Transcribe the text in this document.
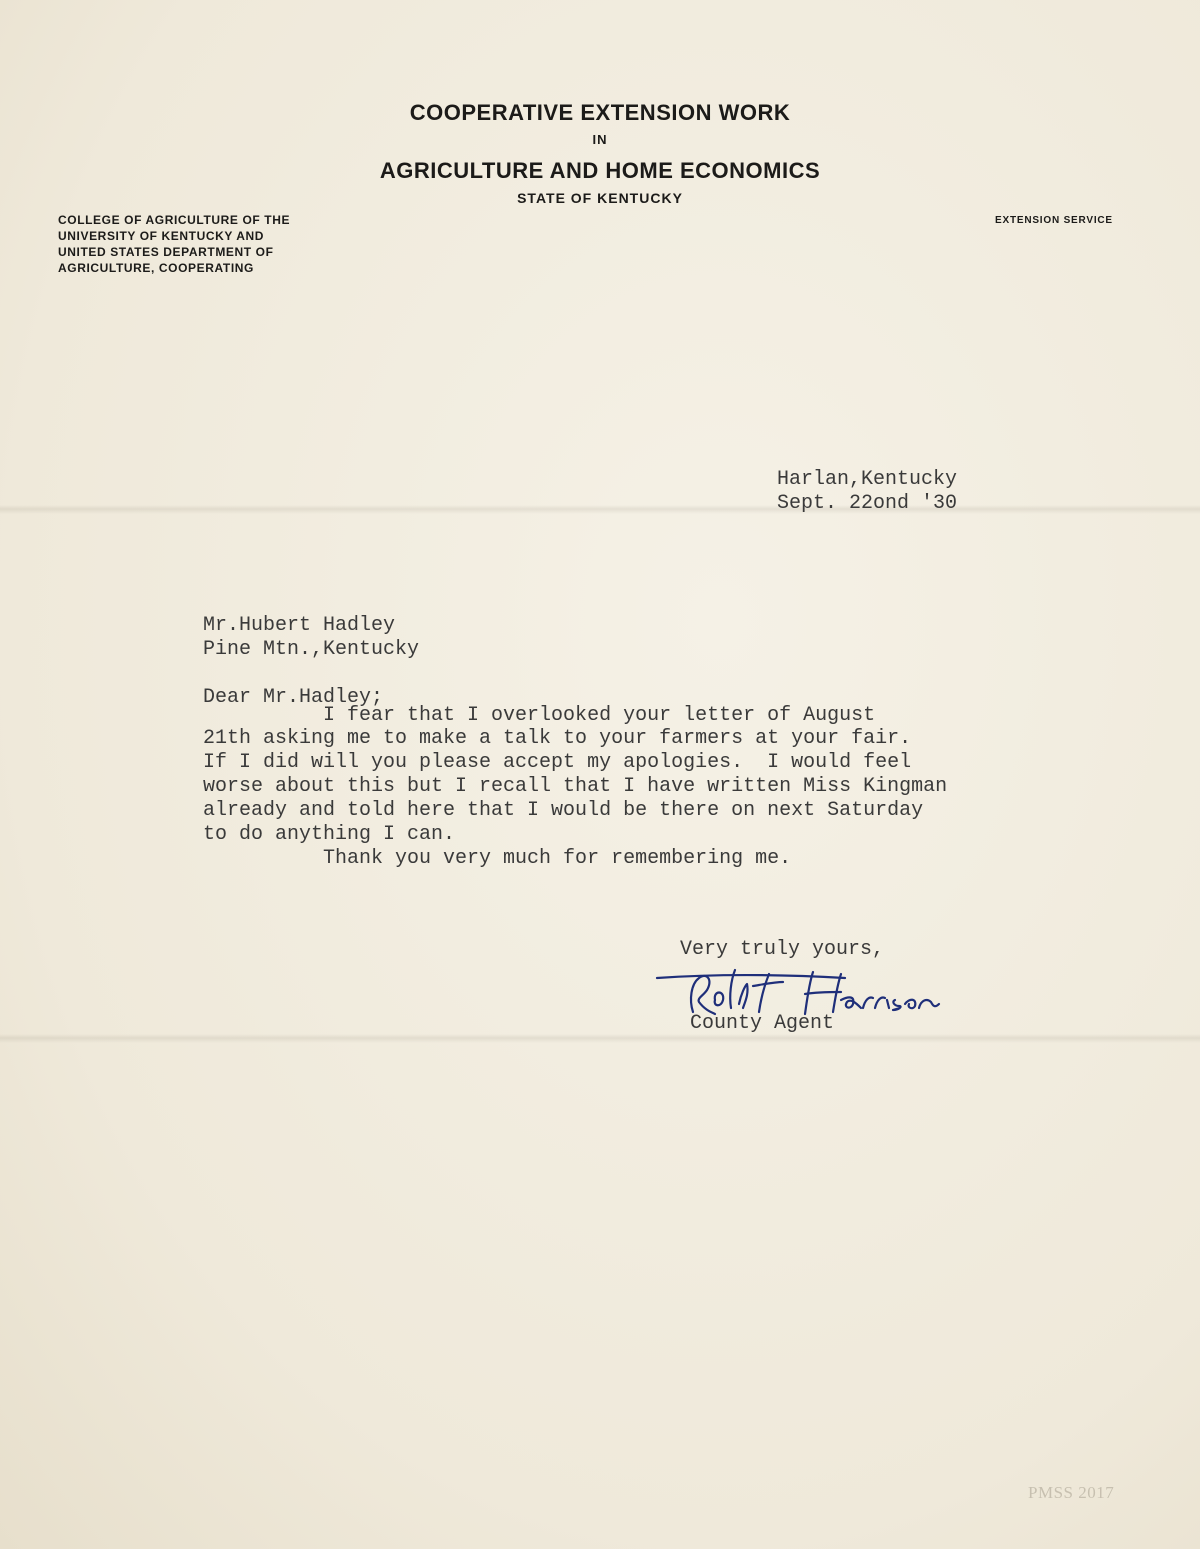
COOPERATIVE EXTENSION WORK
IN
AGRICULTURE AND HOME ECONOMICS
STATE OF KENTUCKY
COLLEGE OF AGRICULTURE OF THE
UNIVERSITY OF KENTUCKY AND
UNITED STATES DEPARTMENT OF
AGRICULTURE, COOPERATING
EXTENSION SERVICE
Harlan,Kentucky
Sept. 22ond '30
Mr.Hubert Hadley
Pine Mtn.,Kentucky
Dear Mr.Hadley;
I fear that I overlooked your letter of August
21th asking me to make a talk to your farmers at your fair.
If I did will you please accept my apologies.  I would feel
worse about this but I recall that I have written Miss Kingman
already and told here that I would be there on next Saturday
to do anything I can.
Thank you very much for remembering me.
Very truly yours,
County Agent
PMSS 2017
